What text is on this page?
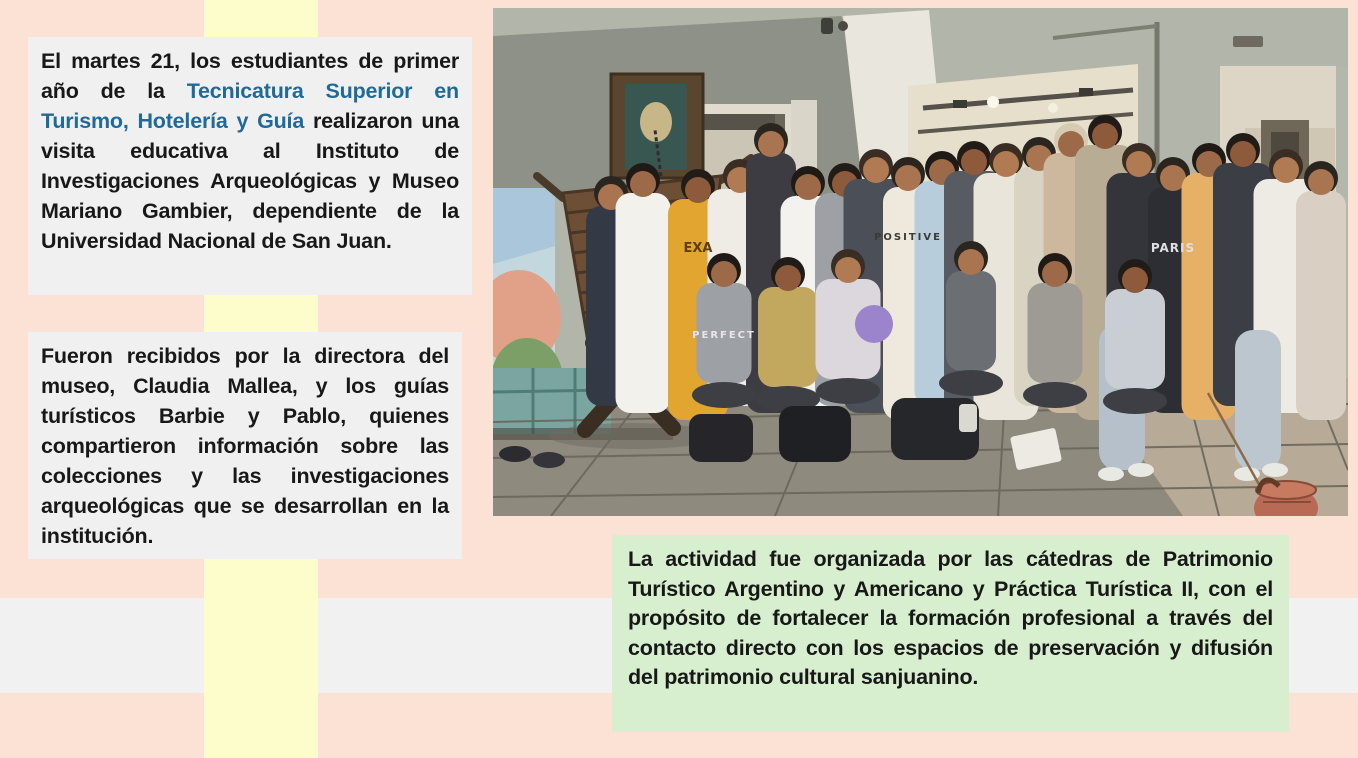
El martes 21, los estudiantes de primer año de la Tecnicatura Superior en Turismo, Hotelería y Guía realizaron una visita educativa al Instituto de Investigaciones Arqueológicas y Museo Mariano Gambier, dependiente de la Universidad Nacional de San Juan.

Fueron recibidos por la directora del museo, Claudia Mallea, y los guías turísticos Barbie y Pablo, quienes compartieron información sobre las colecciones y las investigaciones arqueológicas que se desarrollan en la institución.

La actividad fue organizada por las cátedras de Patrimonio Turístico Argentino y Americano y Práctica Turística II, con el propósito de fortalecer la formación profesional a través del contacto directo con los espacios de preservación y difusión del patrimonio cultural sanjuanino.

EXA
POSITIVE
PERFECT
PARIS
